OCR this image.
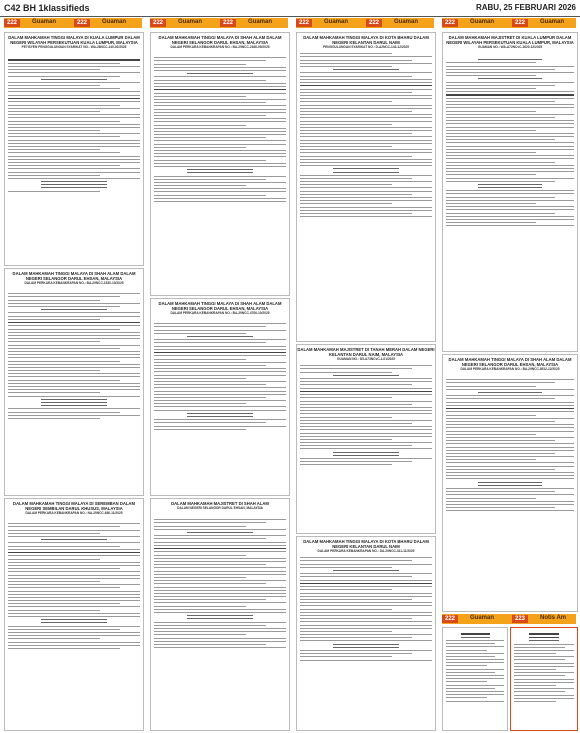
C42 BH 1klassifieds	RABU, 25 FEBRUARI 2026
222	Guaman	222	Guaman	222	Guaman	222	Guaman	222	Guaman	222	Guaman	222	Guaman	222	Guaman
DALAM MAHKAMAH TINGGI MALAYA DI KUALA LUMPUR DALAM NEGERI WILAYAH PERSEKUTUAN KUALA LUMPUR, MALAYSIA

PETISYEN PENGGULUNGAN SYARIKAT NO.: WA-28NCC-140-02/2026

DALAM MAHKAMAH TINGGI MALAYA DI SHAH ALAM DALAM NEGERI SELANGOR DARUL EHSAN, MALAYSIA

DALAM PERKARA KEBANKRAPAN NO.: BA-29NCC-1530-10/2025

DALAM MAHKAMAH TINGGI MALAYA DI SEREMBAN DALAM NEGERI SEMBILAN DARUL KHUSUS, MALAYSIA

DALAM PERKARA KEBANKRAPAN NO.: NA-29NCC-680-11/2025

DALAM MAHKAMAH TINGGI MALAYA DI SHAH ALAM DALAM NEGERI SELANGOR DARUL EHSAN, MALAYSIA

DALAM PERKARA KEBANKRAPAN NO.: BA-29NCC-2186-09/2025

DALAM MAHKAMAH TINGGI MALAYA DI SHAH ALAM DALAM NEGERI SELANGOR DARUL EHSAN, MALAYSIA

DALAM PERKARA KEBANKRAPAN NO.: BA-29NCC-4706-10/2025

DALAM MAHKAMAH MAJISTRET DI SHAH ALAM

DALAM NEGERI SELANGOR DARUL EHSAN, MALAYSIA

DALAM MAHKAMAH TINGGI MALAYA DI KOTA BHARU DALAM NEGERI KELANTAN DARUL NAIM

PENGGULUNGAN SYARIKAT NO.: D-A2NCC-143-12/2025

DALAM MAHKAMAH MAJISTRET DI TANAH MERAH DALAM NEGERI KELANTAN DARUL NAIM, MALAYSIA

GUAMAN NO.: D5-A73NCvC-1-01/2025

DALAM MAHKAMAH TINGGI MALAYA DI KOTA BHARU DALAM NEGERI KELANTAN DARUL NAIM

DALAM PERKARA KEBANKRAPAN NO.: DA-29NCC-311-11/2025

DALAM MAHKAMAH MAJISTRET DI KUALA LUMPUR DALAM NEGERI WILAYAH PERSEKUTUAN KUALA LUMPUR, MALAYSIA

GUAMAN NO.: WA-A72NCvC-1620-12/2025

DALAM MAHKAMAH TINGGI MALAYA DI SHAH ALAM DALAM NEGERI SELANGOR DARUL EHSAN, MALAYSIA

DALAM PERKARA KEBANKRAPAN NO.: BA-29NCC-8512-12/2025

222	Guaman	223	Notis Am
